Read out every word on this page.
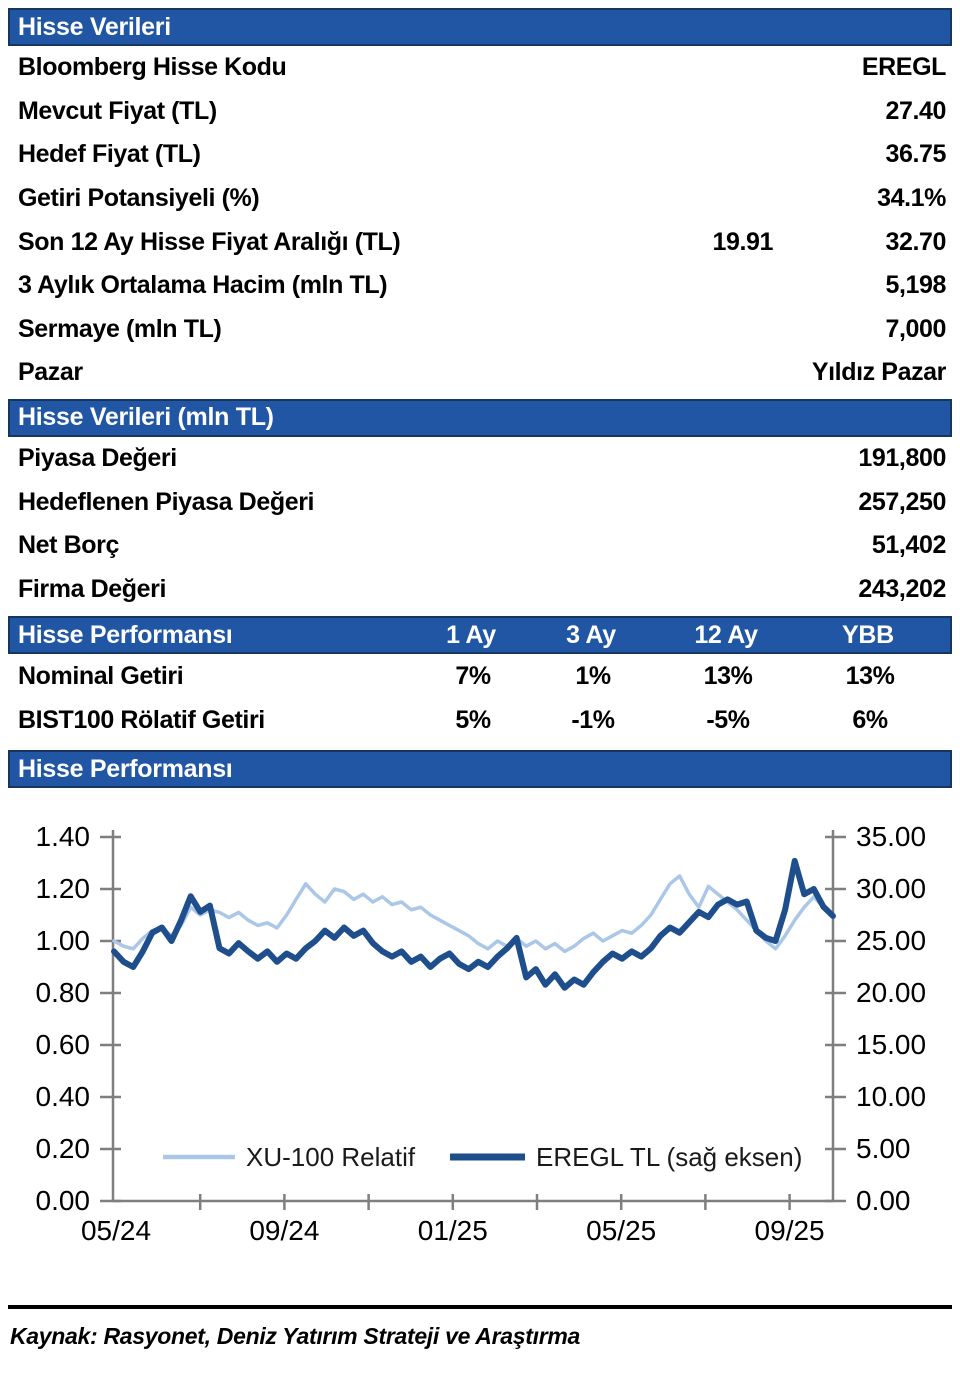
Hisse Verileri
Bloomberg Hisse Kodu	EREGL
Mevcut Fiyat (TL)	27.40
Hedef Fiyat (TL)	36.75
Getiri Potansiyeli (%)	34.1%
Son 12 Ay Hisse Fiyat Aralığı (TL)	19.91	32.70
3 Aylık Ortalama Hacim (mln TL)	5,198
Sermaye (mln TL)	7,000
Pazar	Yıldız Pazar
Hisse Verileri (mln TL)
Piyasa Değeri	191,800
Hedeflenen Piyasa Değeri	257,250
Net Borç	51,402
Firma Değeri	243,202
Hisse Performansı	1 Ay	3 Ay	12 Ay	YBB
Nominal Getiri	7%	1%	13%	13%
BIST100 Rölatif Getiri	5%	-1%	-5%	6%
Hisse Performansı
1.40	35.00
1.20	30.00
1.00	25.00
0.80	20.00
0.60	15.00
0.40	10.00
0.20	5.00
0.00	0.00
05/24	09/24	01/25	05/25	09/25
XU-100 Relatif	EREGL TL (sağ eksen)
Kaynak: Rasyonet, Deniz Yatırım Strateji ve Araştırma
